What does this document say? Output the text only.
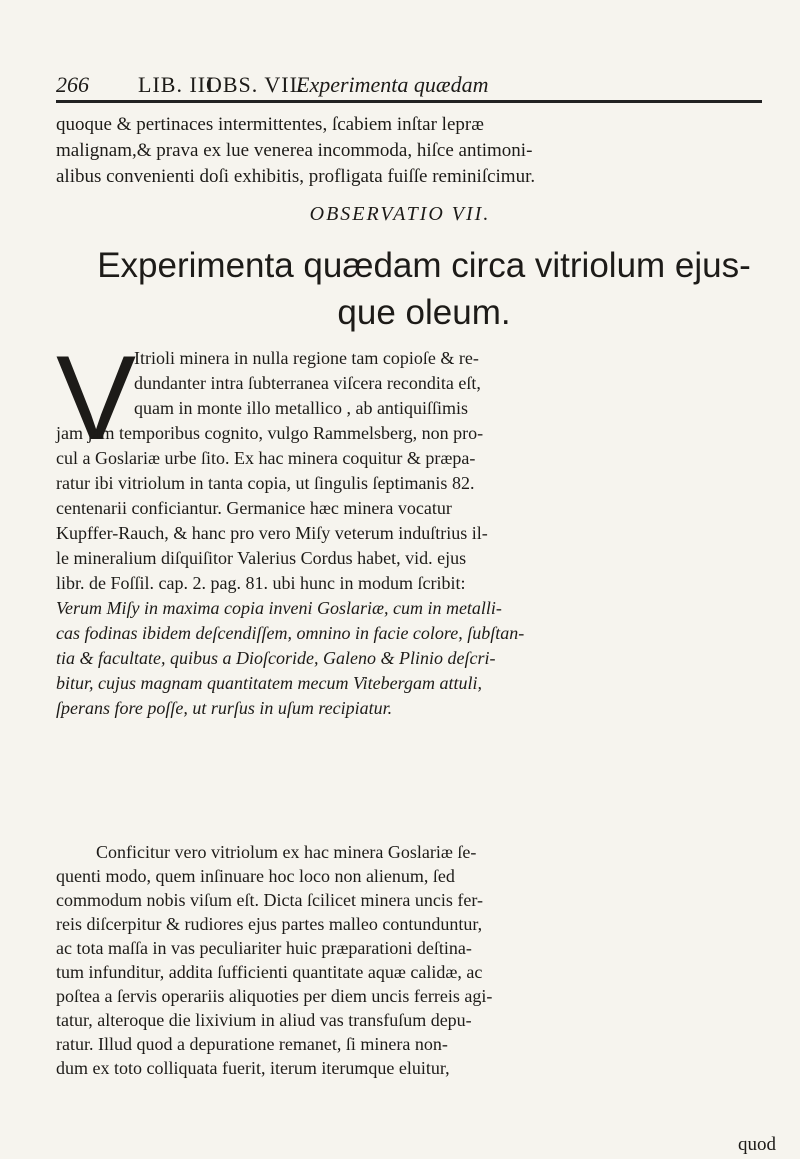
266 LIB. III.
OBS. VII.
Experimenta quædam
quoque & pertinaces intermittentes, ſcabiem inſtar lepræ
malignam,& prava ex lue venerea incommoda, hiſce antimoni-
alibus convenienti doſi exhibitis, profligata fuiſſe reminiſcimur.
OBSERVATIO VII.
Experimenta quædam circa vitriolum ejus-
que oleum.
V
Itrioli minera in nulla regione tam copioſe & re-
dundanter intra ſubterranea viſcera recondita eſt,
quam in monte illo metallico , ab antiquiſſimis
jam jam temporibus cognito, vulgo Rammelsberg, non pro-
cul a Goslariæ urbe ſito. Ex hac minera coquitur & præpa-
ratur ibi vitriolum in tanta copia, ut ſingulis ſeptimanis 82.
centenarii conficiantur. Germanice hæc minera vocatur
Kupffer-Rauch, & hanc pro vero Miſy veterum induſtrius il-
le mineralium diſquiſitor Valerius Cordus habet, vid. ejus
libr. de Foſſil. cap. 2. pag. 81. ubi hunc in modum ſcribit:
Verum Miſy in maxima copia inveni Goslariæ, cum in metalli-
cas fodinas ibidem deſcendiſſem, omnino in facie colore, ſubſtan-
tia & facultate, quibus a Dioſcoride, Galeno & Plinio deſcri-
bitur, cujus magnam quantitatem mecum Vitebergam attuli,
ſperans fore poſſe, ut rurſus in uſum recipiatur.
Conficitur vero vitriolum ex hac minera Goslariæ ſe-
quenti modo, quem inſinuare hoc loco non alienum, ſed
commodum nobis viſum eſt. Dicta ſcilicet minera uncis fer-
reis diſcerpitur & rudiores ejus partes malleo contunduntur,
ac tota maſſa in vas peculiariter huic præparationi deſtina-
tum infunditur, addita ſufficienti quantitate aquæ calidæ, ac
poſtea a ſervis operariis aliquoties per diem uncis ferreis agi-
tatur, alteroque die lixivium in aliud vas transfuſum depu-
ratur. Illud quod a depuratione remanet, ſi minera non-
dum ex toto colliquata fuerit, iterum iterumque eluitur,
quod
